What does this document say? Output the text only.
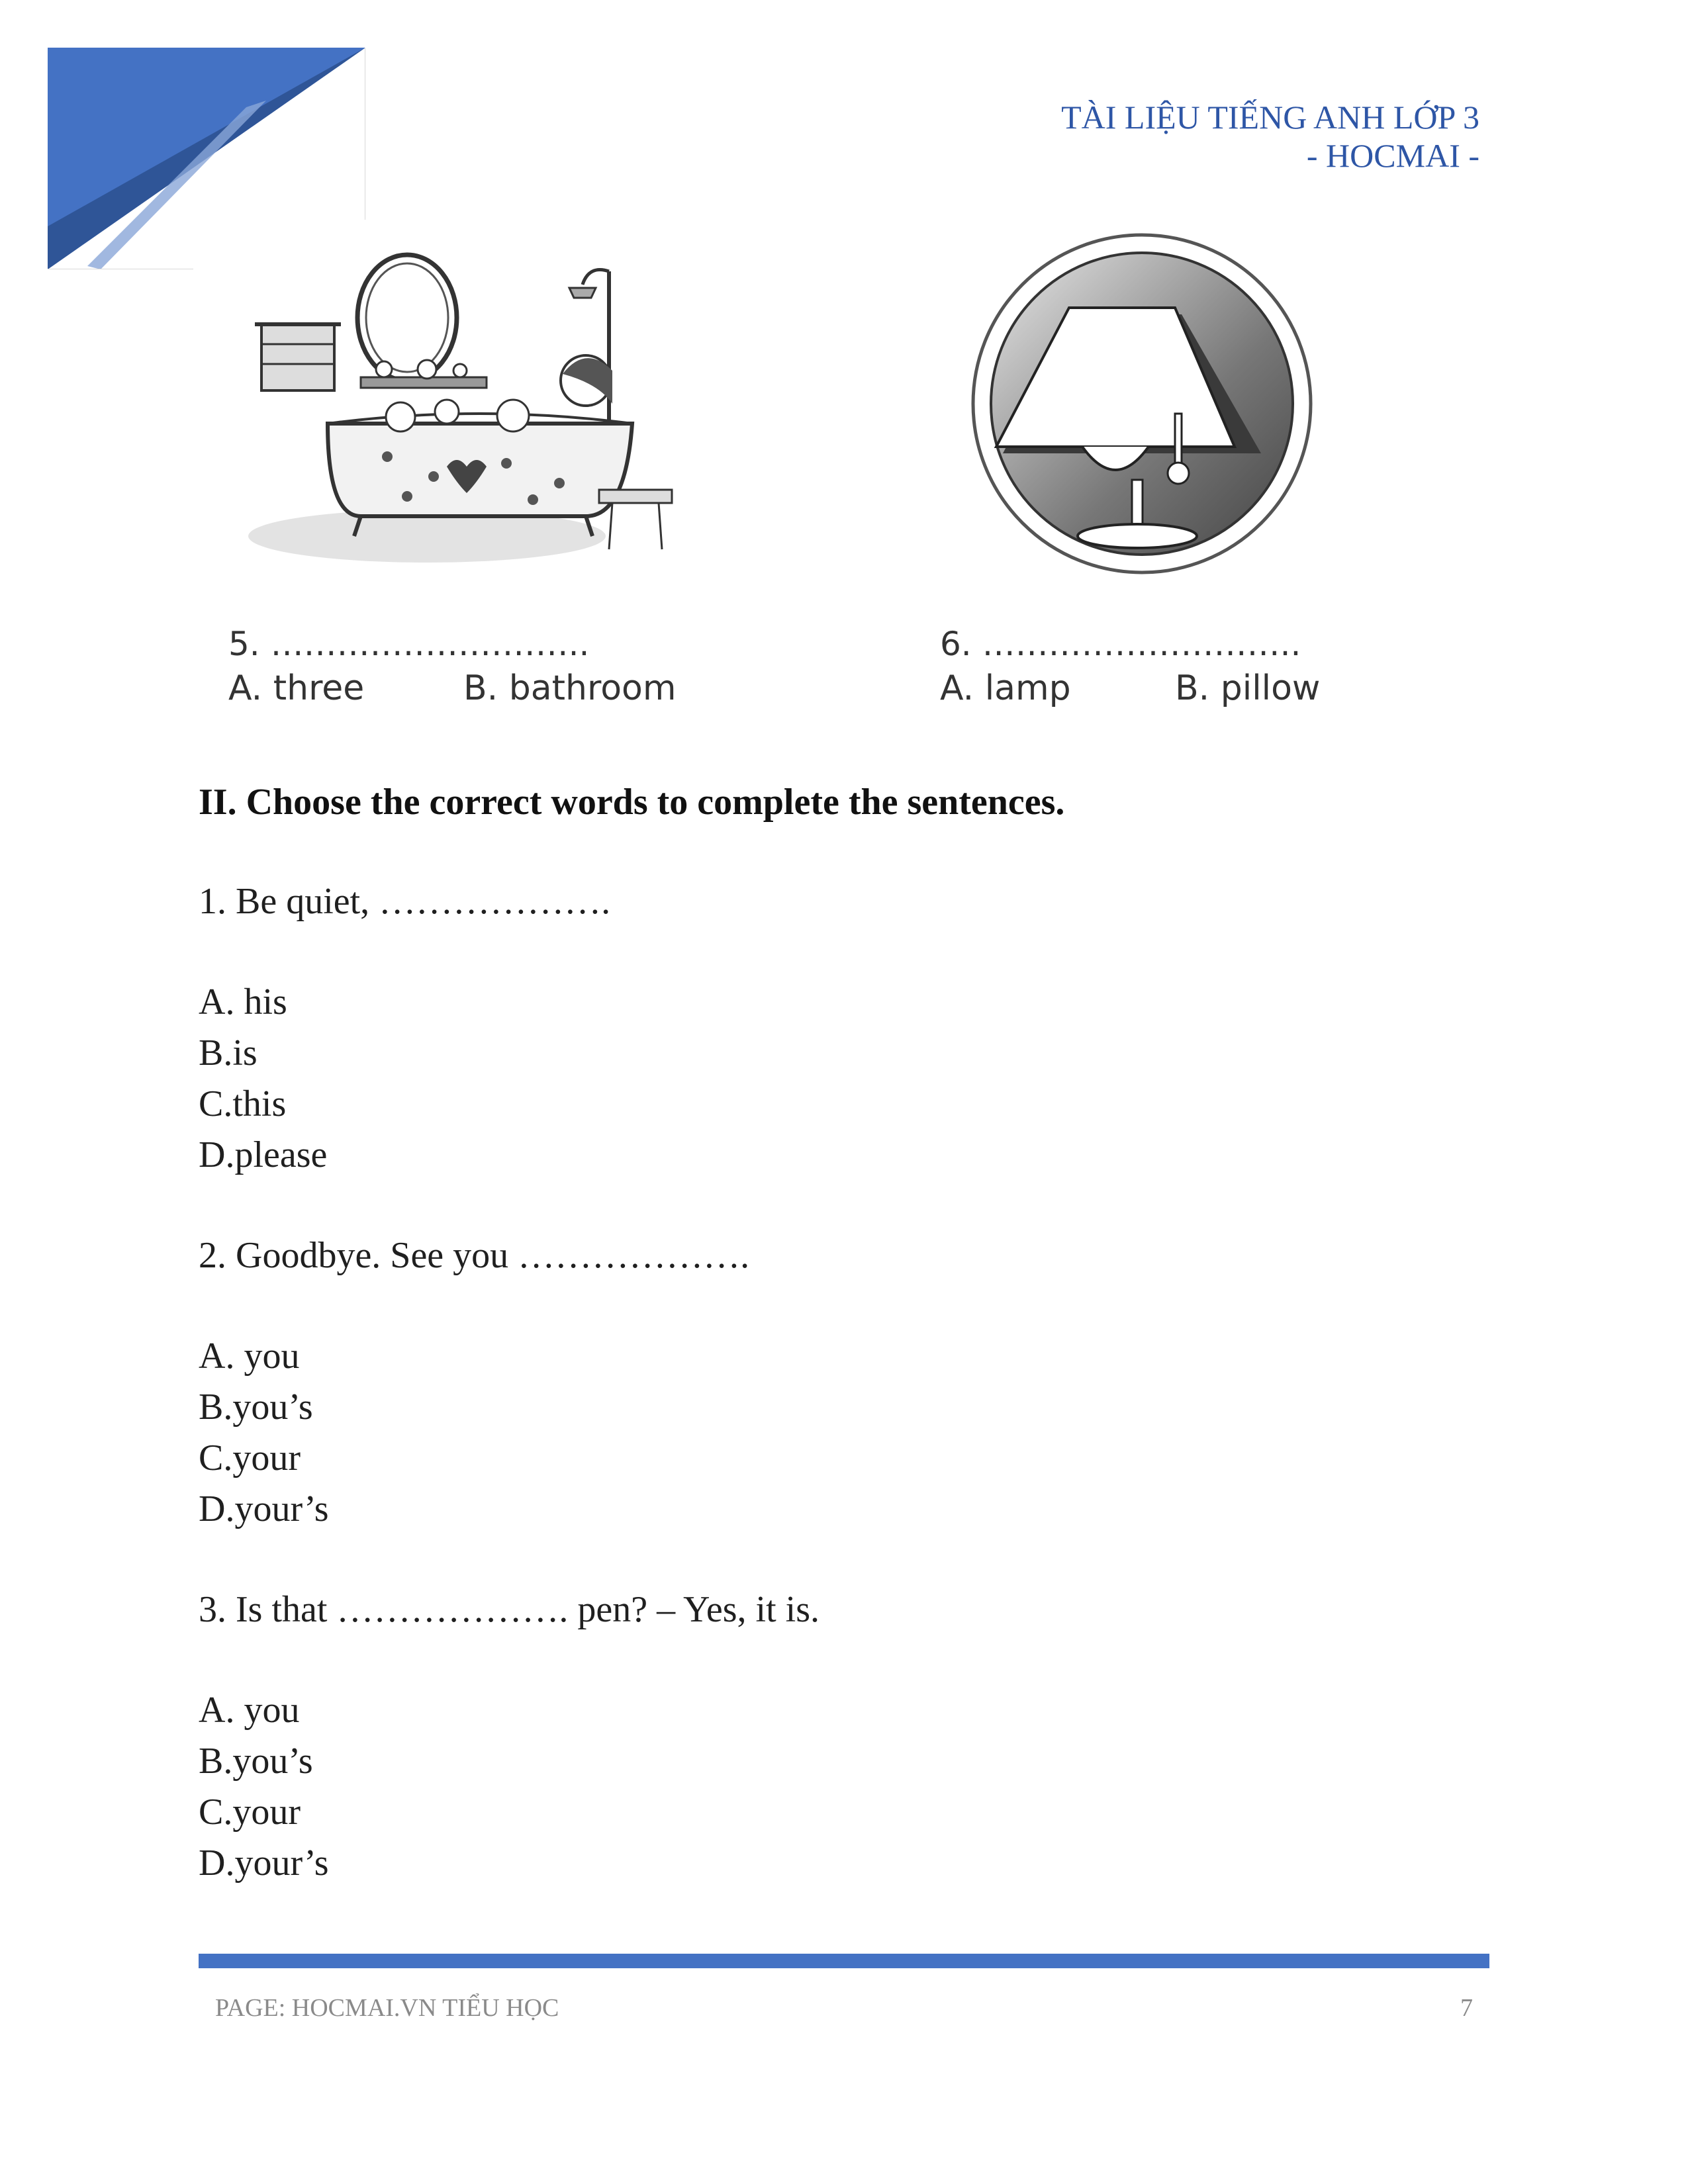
TÀI LIỆU TIẾNG ANH LỚP 3
- HOCMAI -
5. ………………………..
A. three	B. bathroom
6. ………………………..
A. lamp	B. pillow
II. Choose the correct words to complete the sentences.
1. Be quiet, ……………….
A. his
B.is
C.this
D.please
2. Goodbye. See you ……………….
A. you
B.you’s
C.your
D.your’s
3. Is that ………………. pen? – Yes, it is.
A. you
B.you’s
C.your
D.your’s
PAGE: HOCMAI.VN TIỂU HỌC	7
